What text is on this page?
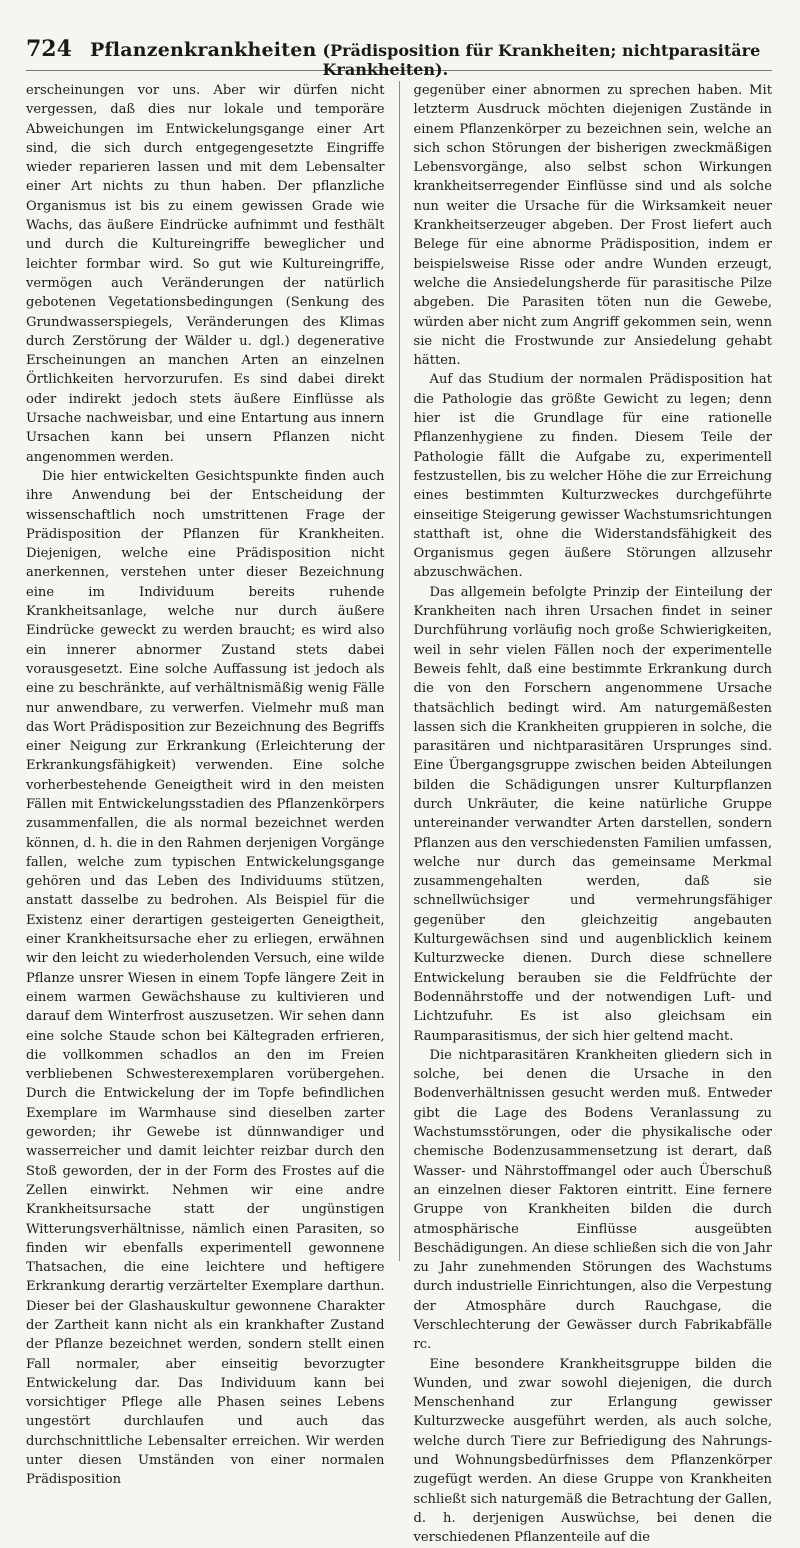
724 Pflanzenkrankheiten (Prädisposition für Krankheiten; nichtparasitäre Krankheiten).

erscheinungen vor uns. Aber wir dürfen nicht vergessen, daß dies nur lokale und temporäre Abweichungen im Entwickelungsgange einer Art sind, die sich durch entgegengesetzte Eingriffe wieder reparieren lassen und mit dem Lebensalter einer Art nichts zu thun haben. Der pflanzliche Organismus ist bis zu einem gewissen Grade wie Wachs, das äußere Eindrücke aufnimmt und festhält und durch die Kultureingriffe beweglicher und leichter formbar wird. So gut wie Kultureingriffe, vermögen auch Veränderungen der natürlich gebotenen Vegetationsbedingungen (Senkung des Grundwasserspiegels, Veränderungen des Klimas durch Zerstörung der Wälder u. dgl.) degenerative Erscheinungen an manchen Arten an einzelnen Örtlichkeiten hervorzurufen. Es sind dabei direkt oder indirekt jedoch stets äußere Einflüsse als Ursache nachweisbar, und eine Entartung aus innern Ursachen kann bei unsern Pflanzen nicht angenommen werden.

Die hier entwickelten Gesichtspunkte finden auch ihre Anwendung bei der Entscheidung der wissenschaftlich noch umstrittenen Frage der Prädisposition der Pflanzen für Krankheiten. Diejenigen, welche eine Prädisposition nicht anerkennen, verstehen unter dieser Bezeichnung eine im Individuum bereits ruhende Krankheitsanlage, welche nur durch äußere Eindrücke geweckt zu werden braucht; es wird also ein innerer abnormer Zustand stets dabei vorausgesetzt. Eine solche Auffassung ist jedoch als eine zu beschränkte, auf verhältnismäßig wenig Fälle nur anwendbare, zu verwerfen. Vielmehr muß man das Wort Prädisposition zur Bezeichnung des Begriffs einer Neigung zur Erkrankung (Erleichterung der Erkrankungsfähigkeit) verwenden. Eine solche vorherbestehende Geneigtheit wird in den meisten Fällen mit Entwickelungsstadien des Pflanzenkörpers zusammenfallen, die als normal bezeichnet werden können, d. h. die in den Rahmen derjenigen Vorgänge fallen, welche zum typischen Entwickelungsgange gehören und das Leben des Individuums stützen, anstatt dasselbe zu bedrohen. Als Beispiel für die Existenz einer derartigen gesteigerten Geneigtheit, einer Krankheitsursache eher zu erliegen, erwähnen wir den leicht zu wiederholenden Versuch, eine wilde Pflanze unsrer Wiesen in einem Topfe längere Zeit in einem warmen Gewächshause zu kultivieren und darauf dem Winterfrost auszusetzen. Wir sehen dann eine solche Staude schon bei Kältegraden erfrieren, die vollkommen schadlos an den im Freien verbliebenen Schwesterexemplaren vorübergehen. Durch die Entwickelung der im Topfe befindlichen Exemplare im Warmhause sind dieselben zarter geworden; ihr Gewebe ist dünnwandiger und wasserreicher und damit leichter reizbar durch den Stoß geworden, der in der Form des Frostes auf die Zellen einwirkt. Nehmen wir eine andre Krankheitsursache statt der ungünstigen Witterungsverhältnisse, nämlich einen Parasiten, so finden wir ebenfalls experimentell gewonnene Thatsachen, die eine leichtere und heftigere Erkrankung derartig verzärtelter Exemplare darthun. Dieser bei der Glashauskultur gewonnene Charakter der Zartheit kann nicht als ein krankhafter Zustand der Pflanze bezeichnet werden, sondern stellt einen Fall normaler, aber einseitig bevorzugter Entwickelung dar. Das Individuum kann bei vorsichtiger Pflege alle Phasen seines Lebens ungestört durchlaufen und auch das durchschnittliche Lebensalter erreichen. Wir werden unter diesen Umständen von einer normalen Prädisposition

gegenüber einer abnormen zu sprechen haben. Mit letzterm Ausdruck möchten diejenigen Zustände in einem Pflanzenkörper zu bezeichnen sein, welche an sich schon Störungen der bisherigen zweckmäßigen Lebensvorgänge, also selbst schon Wirkungen krankheitserregender Einflüsse sind und als solche nun weiter die Ursache für die Wirksamkeit neuer Krankheitserzeuger abgeben. Der Frost liefert auch Belege für eine abnorme Prädisposition, indem er beispielsweise Risse oder andre Wunden erzeugt, welche die Ansiedelungsherde für parasitische Pilze abgeben. Die Parasiten töten nun die Gewebe, würden aber nicht zum Angriff gekommen sein, wenn sie nicht die Frostwunde zur Ansiedelung gehabt hätten.

Auf das Studium der normalen Prädisposition hat die Pathologie das größte Gewicht zu legen; denn hier ist die Grundlage für eine rationelle Pflanzenhygiene zu finden. Diesem Teile der Pathologie fällt die Aufgabe zu, experimentell festzustellen, bis zu welcher Höhe die zur Erreichung eines bestimmten Kulturzweckes durchgeführte einseitige Steigerung gewisser Wachstumsrichtungen statthaft ist, ohne die Widerstandsfähigkeit des Organismus gegen äußere Störungen allzusehr abzuschwächen.

Das allgemein befolgte Prinzip der Einteilung der Krankheiten nach ihren Ursachen findet in seiner Durchführung vorläufig noch große Schwierigkeiten, weil in sehr vielen Fällen noch der experimentelle Beweis fehlt, daß eine bestimmte Erkrankung durch die von den Forschern angenommene Ursache thatsächlich bedingt wird. Am naturgemäßesten lassen sich die Krankheiten gruppieren in solche, die parasitären und nichtparasitären Ursprunges sind. Eine Übergangsgruppe zwischen beiden Abteilungen bilden die Schädigungen unsrer Kulturpflanzen durch Unkräuter, die keine natürliche Gruppe untereinander verwandter Arten darstellen, sondern Pflanzen aus den verschiedensten Familien umfassen, welche nur durch das gemeinsame Merkmal zusammengehalten werden, daß sie schnellwüchsiger und vermehrungsfähiger gegenüber den gleichzeitig angebauten Kulturgewächsen sind und augenblicklich keinem Kulturzwecke dienen. Durch diese schnellere Entwickelung berauben sie die Feldfrüchte der Bodennährstoffe und der notwendigen Luft- und Lichtzufuhr. Es ist also gleichsam ein Raumparasitismus, der sich hier geltend macht.

Die nichtparasitären Krankheiten gliedern sich in solche, bei denen die Ursache in den Bodenverhältnissen gesucht werden muß. Entweder gibt die Lage des Bodens Veranlassung zu Wachstumsstörungen, oder die physikalische oder chemische Bodenzusammensetzung ist derart, daß Wasser- und Nährstoffmangel oder auch Überschuß an einzelnen dieser Faktoren eintritt. Eine fernere Gruppe von Krankheiten bilden die durch atmosphärische Einflüsse ausgeübten Beschädigungen. An diese schließen sich die von Jahr zu Jahr zunehmenden Störungen des Wachstums durch industrielle Einrichtungen, also die Verpestung der Atmosphäre durch Rauchgase, die Verschlechterung der Gewässer durch Fabrikabfälle rc.

Eine besondere Krankheitsgruppe bilden die Wunden, und zwar sowohl diejenigen, die durch Menschenhand zur Erlangung gewisser Kulturzwecke ausgeführt werden, als auch solche, welche durch Tiere zur Befriedigung des Nahrungs- und Wohnungsbedürfnisses dem Pflanzenkörper zugefügt werden. An diese Gruppe von Krankheiten schließt sich naturgemäß die Betrachtung der Gallen, d. h. derjenigen Auswüchse, bei denen die verschiedenen Pflanzenteile auf die
